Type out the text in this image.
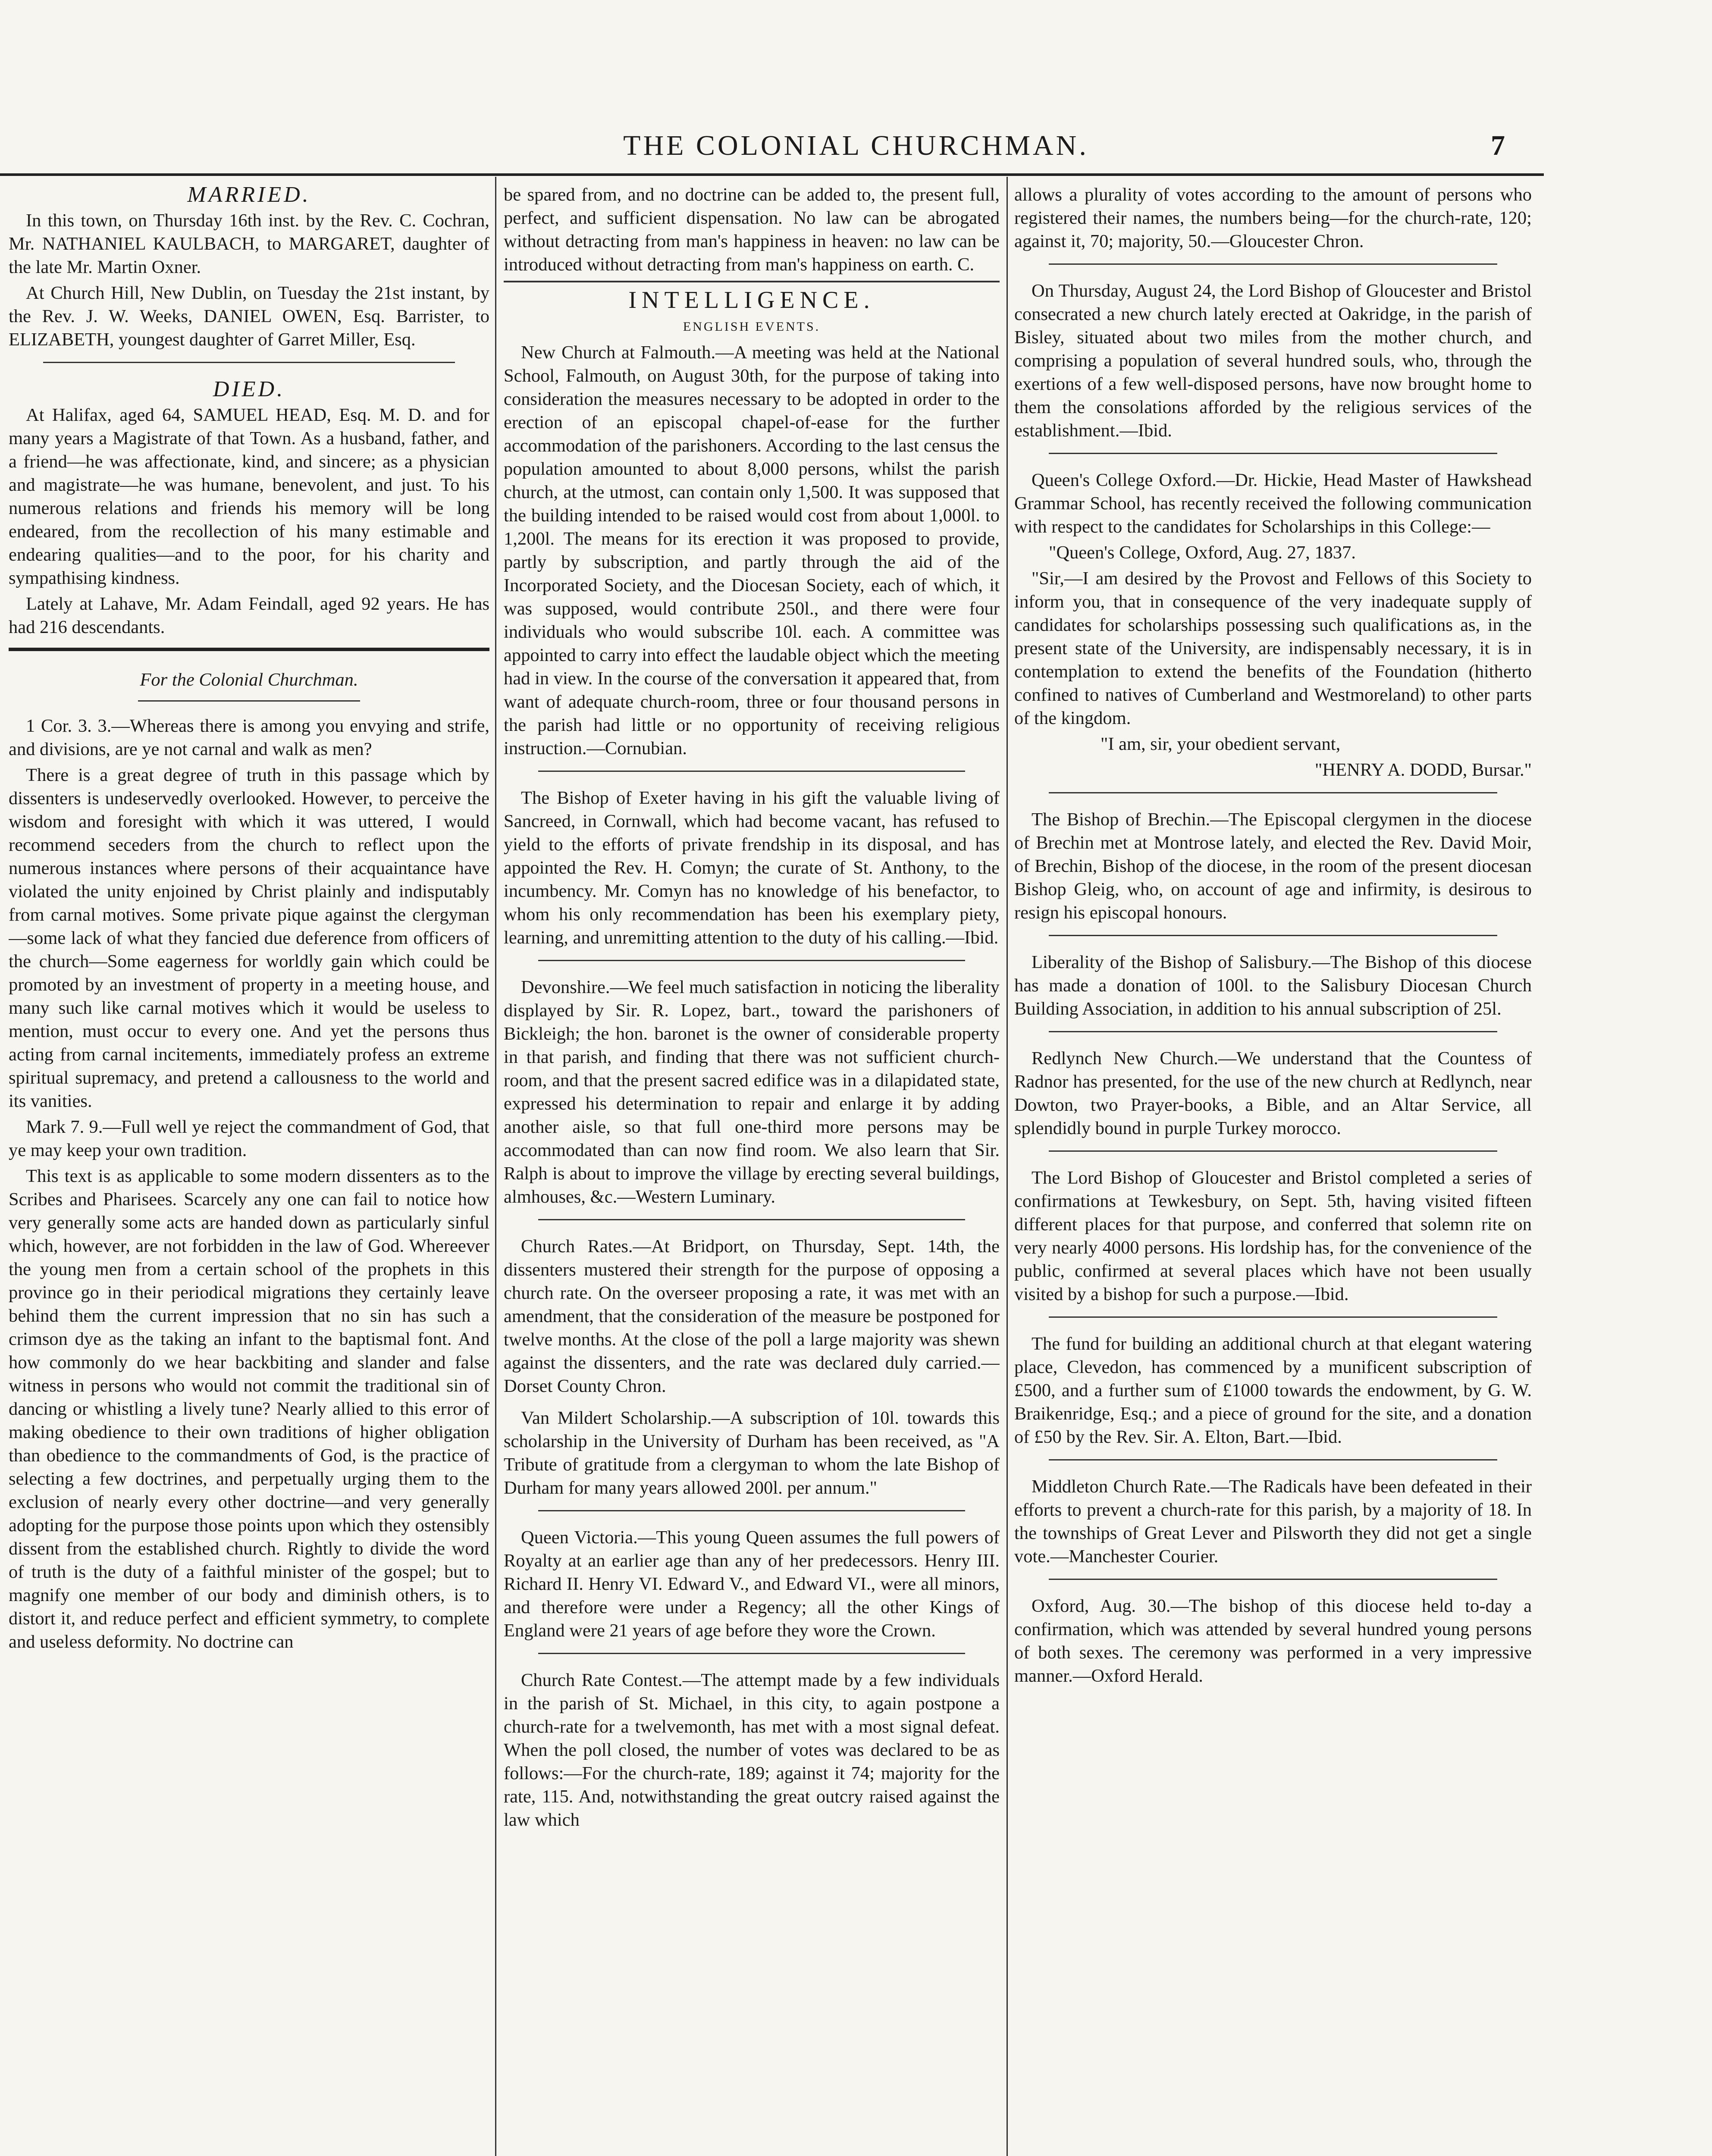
THE COLONIAL CHURCHMAN.	7
MARRIED.

In this town, on Thursday 16th inst. by the Rev. C. Cochran, Mr. NATHANIEL KAULBACH, to MARGARET, daughter of the late Mr. Martin Oxner.

At Church Hill, New Dublin, on Tuesday the 21st instant, by the Rev. J. W. Weeks, DANIEL OWEN, Esq. Barrister, to ELIZABETH, youngest daughter of Garret Miller, Esq.

DIED.

At Halifax, aged 64, SAMUEL HEAD, Esq. M. D. and for many years a Magistrate of that Town. As a husband, father, and a friend—he was affectionate, kind, and sincere; as a physician and magistrate—he was humane, benevolent, and just. To his numerous relations and friends his memory will be long endeared, from the recollection of his many estimable and endearing qualities—and to the poor, for his charity and sympathising kindness.

Lately at Lahave, Mr. Adam Feindall, aged 92 years. He has had 216 descendants.

For the Colonial Churchman.

1 Cor. 3. 3.—Whereas there is among you envying and strife, and divisions, are ye not carnal and walk as men?

There is a great degree of truth in this passage which by dissenters is undeservedly overlooked. However, to perceive the wisdom and foresight with which it was uttered, I would recommend seceders from the church to reflect upon the numerous instances where persons of their acquaintance have violated the unity enjoined by Christ plainly and indisputably from carnal motives. Some private pique against the clergyman—some lack of what they fancied due deference from officers of the church—Some eagerness for worldly gain which could be promoted by an investment of property in a meeting house, and many such like carnal motives which it would be useless to mention, must occur to every one. And yet the persons thus acting from carnal incitements, immediately profess an extreme spiritual supremacy, and pretend a callousness to the world and its vanities.

Mark 7. 9.—Full well ye reject the commandment of God, that ye may keep your own tradition.

This text is as applicable to some modern dissenters as to the Scribes and Pharisees. Scarcely any one can fail to notice how very generally some acts are handed down as particularly sinful which, however, are not forbidden in the law of God. Whereever the young men from a certain school of the prophets in this province go in their periodical migrations they certainly leave behind them the current impression that no sin has such a crimson dye as the taking an infant to the baptismal font. And how commonly do we hear backbiting and slander and false witness in persons who would not commit the traditional sin of dancing or whistling a lively tune? Nearly allied to this error of making obedience to their own traditions of higher obligation than obedience to the commandments of God, is the practice of selecting a few doctrines, and perpetually urging them to the exclusion of nearly every other doctrine—and very generally adopting for the purpose those points upon which they ostensibly dissent from the established church. Rightly to divide the word of truth is the duty of a faithful minister of the gospel; but to magnify one member of our body and diminish others, is to distort it, and reduce perfect and efficient symmetry, to complete and useless deformity. No doctrine can

be spared from, and no doctrine can be added to, the present full, perfect, and sufficient dispensation. No law can be abrogated without detracting from man's happiness in heaven: no law can be introduced without detracting from man's happiness on earth. C.

INTELLIGENCE.
ENGLISH EVENTS.

New Church at Falmouth.—A meeting was held at the National School, Falmouth, on August 30th, for the purpose of taking into consideration the measures necessary to be adopted in order to the erection of an episcopal chapel-of-ease for the further accommodation of the parishoners. According to the last census the population amounted to about 8,000 persons, whilst the parish church, at the utmost, can contain only 1,500. It was supposed that the building intended to be raised would cost from about 1,000l. to 1,200l. The means for its erection it was proposed to provide, partly by subscription, and partly through the aid of the Incorporated Society, and the Diocesan Society, each of which, it was supposed, would contribute 250l., and there were four individuals who would subscribe 10l. each. A committee was appointed to carry into effect the laudable object which the meeting had in view. In the course of the conversation it appeared that, from want of adequate church-room, three or four thousand persons in the parish had little or no opportunity of receiving religious instruction.—Cornubian.

The Bishop of Exeter having in his gift the valuable living of Sancreed, in Cornwall, which had become vacant, has refused to yield to the efforts of private frendship in its disposal, and has appointed the Rev. H. Comyn; the curate of St. Anthony, to the incumbency. Mr. Comyn has no knowledge of his benefactor, to whom his only recommendation has been his exemplary piety, learning, and unremitting attention to the duty of his calling.—Ibid.

Devonshire.—We feel much satisfaction in noticing the liberality displayed by Sir. R. Lopez, bart., toward the parishoners of Bickleigh; the hon. baronet is the owner of considerable property in that parish, and finding that there was not sufficient church-room, and that the present sacred edifice was in a dilapidated state, expressed his determination to repair and enlarge it by adding another aisle, so that full one-third more persons may be accommodated than can now find room. We also learn that Sir. Ralph is about to improve the village by erecting several buildings, almhouses, &c.—Western Luminary.

Church Rates.—At Bridport, on Thursday, Sept. 14th, the dissenters mustered their strength for the purpose of opposing a church rate. On the overseer proposing a rate, it was met with an amendment, that the consideration of the measure be postponed for twelve months. At the close of the poll a large majority was shewn against the dissenters, and the rate was declared duly carried.—Dorset County Chron.

Van Mildert Scholarship.—A subscription of 10l. towards this scholarship in the University of Durham has been received, as "A Tribute of gratitude from a clergyman to whom the late Bishop of Durham for many years allowed 200l. per annum."

Queen Victoria.—This young Queen assumes the full powers of Royalty at an earlier age than any of her predecessors. Henry III. Richard II. Henry VI. Edward V., and Edward VI., were all minors, and therefore were under a Regency; all the other Kings of England were 21 years of age before they wore the Crown.

Church Rate Contest.—The attempt made by a few individuals in the parish of St. Michael, in this city, to again postpone a church-rate for a twelvemonth, has met with a most signal defeat. When the poll closed, the number of votes was declared to be as follows:—For the church-rate, 189; against it 74; majority for the rate, 115. And, notwithstanding the great outcry raised against the law which

allows a plurality of votes according to the amount of persons who registered their names, the numbers being—for the church-rate, 120; against it, 70; majority, 50.—Gloucester Chron.

On Thursday, August 24, the Lord Bishop of Gloucester and Bristol consecrated a new church lately erected at Oakridge, in the parish of Bisley, situated about two miles from the mother church, and comprising a population of several hundred souls, who, through the exertions of a few well-disposed persons, have now brought home to them the consolations afforded by the religious services of the establishment.—Ibid.

Queen's College Oxford.—Dr. Hickie, Head Master of Hawkshead Grammar School, has recently received the following communication with respect to the candidates for Scholarships in this College:—

"Queen's College, Oxford, Aug. 27, 1837.

"Sir,—I am desired by the Provost and Fellows of this Society to inform you, that in consequence of the very inadequate supply of candidates for scholarships possessing such qualifications as, in the present state of the University, are indispensably necessary, it is in contemplation to extend the benefits of the Foundation (hitherto confined to natives of Cumberland and Westmoreland) to other parts of the kingdom.

"I am, sir, your obedient servant,

"HENRY A. DODD, Bursar."

The Bishop of Brechin.—The Episcopal clergymen in the diocese of Brechin met at Montrose lately, and elected the Rev. David Moir, of Brechin, Bishop of the diocese, in the room of the present diocesan Bishop Gleig, who, on account of age and infirmity, is desirous to resign his episcopal honours.

Liberality of the Bishop of Salisbury.—The Bishop of this diocese has made a donation of 100l. to the Salisbury Diocesan Church Building Association, in addition to his annual subscription of 25l.

Redlynch New Church.—We understand that the Countess of Radnor has presented, for the use of the new church at Redlynch, near Dowton, two Prayer-books, a Bible, and an Altar Service, all splendidly bound in purple Turkey morocco.

The Lord Bishop of Gloucester and Bristol completed a series of confirmations at Tewkesbury, on Sept. 5th, having visited fifteen different places for that purpose, and conferred that solemn rite on very nearly 4000 persons. His lordship has, for the convenience of the public, confirmed at several places which have not been usually visited by a bishop for such a purpose.—Ibid.

The fund for building an additional church at that elegant watering place, Clevedon, has commenced by a munificent subscription of £500, and a further sum of £1000 towards the endowment, by G. W. Braikenridge, Esq.; and a piece of ground for the site, and a donation of £50 by the Rev. Sir. A. Elton, Bart.—Ibid.

Middleton Church Rate.—The Radicals have been defeated in their efforts to prevent a church-rate for this parish, by a majority of 18. In the townships of Great Lever and Pilsworth they did not get a single vote.—Manchester Courier.

Oxford, Aug. 30.—The bishop of this diocese held to-day a confirmation, which was attended by several hundred young persons of both sexes. The ceremony was performed in a very impressive manner.—Oxford Herald.
